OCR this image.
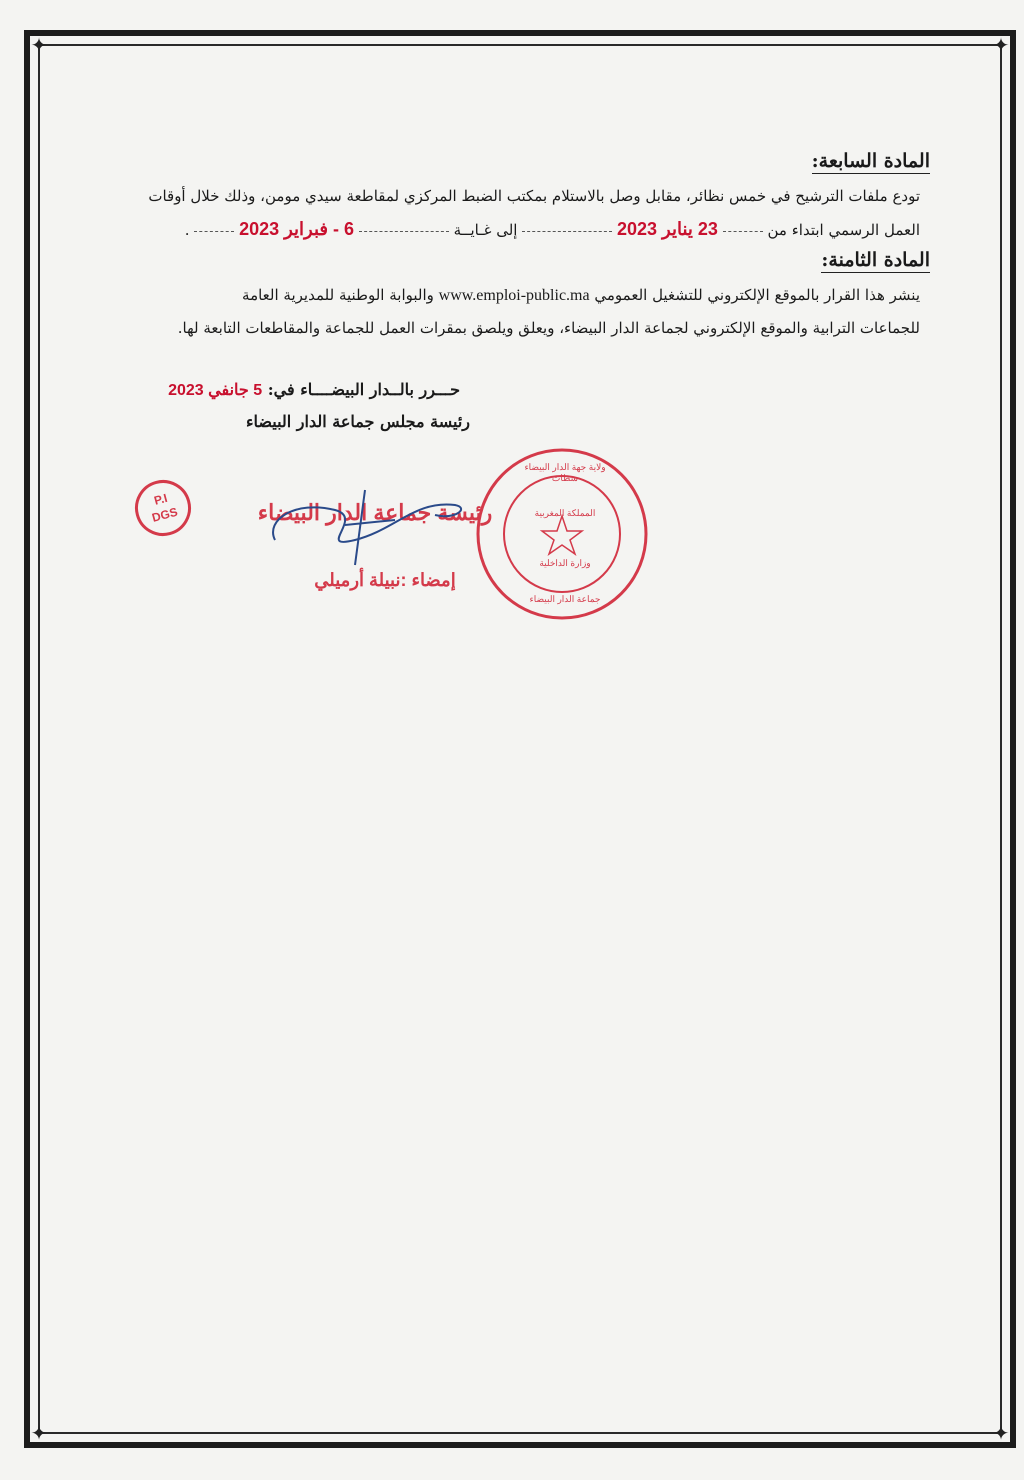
✦	✦
✦	✦
المادة السابعة:
تودع ملفات الترشيح في خمس نظائر، مقابل وصل بالاستلام بمكتب الضبط المركزي لمقاطعة سيدي مومن، وذلك خلال أوقات
العمل الرسمي ابتداء من  23 يناير 2023  إلى غـايــة  6 - فبراير 2023  .
المادة الثامنة:
ينشر هذا القرار بالموقع الإلكتروني للتشغيل العمومي www.emploi-public.ma والبوابة الوطنية للمديرية العامة
للجماعات الترابية والموقع الإلكتروني لجماعة الدار البيضاء، ويعلق ويلصق بمقرات العمل للجماعة والمقاطعات التابعة لها.
حـــرر بالــدار البيضــــاء في: 5 جانفي 2023
رئيسة مجلس جماعة الدار البيضاء
P.I
DGS	رئيسة جماعة الدار البيضاء
إمضاء :نبيلة أرميلي
ولاية جهة الدار البيضاء سطات
المملكة المغربية
وزارة الداخلية
جماعة الدار البيضاء
